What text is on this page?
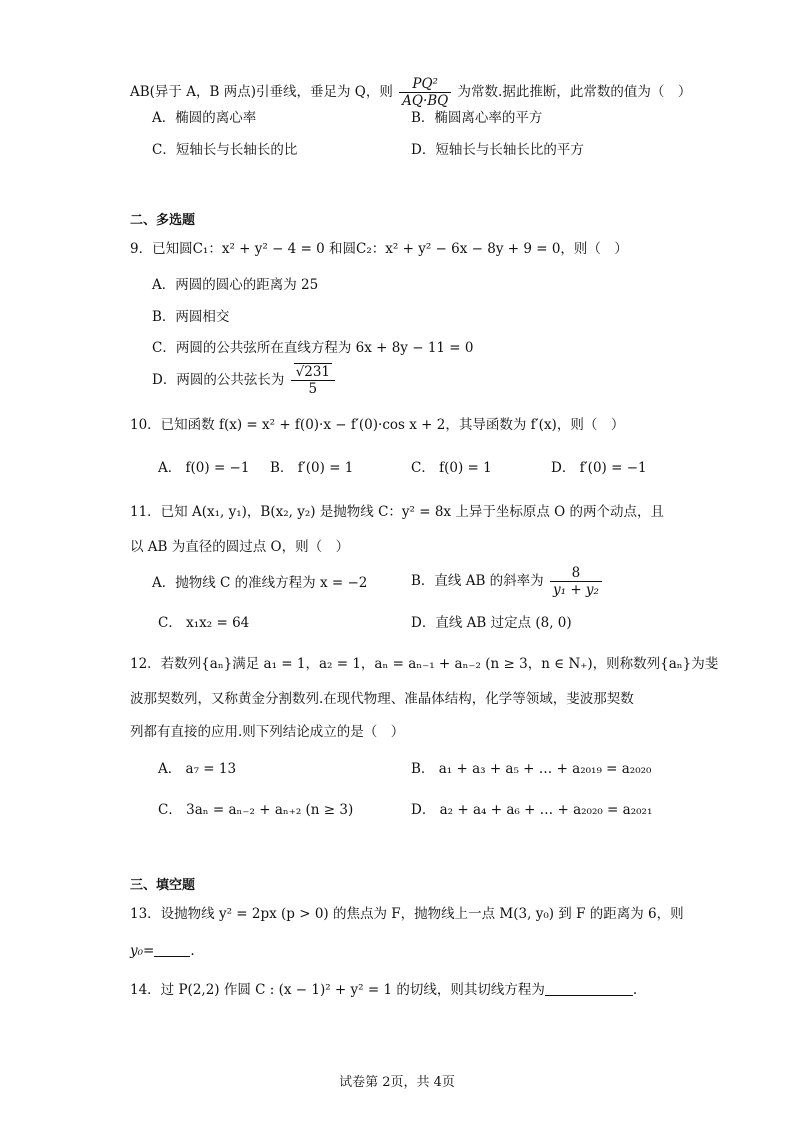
AB(异于 A，B 两点)引垂线，垂足为 Q，则 $\frac{\text{PQ²}}{AQ\cdot BQ}$ 为常数.据此推断，此常数的值为（　）
A．椭圆的离心率	B．椭圆离心率的平方
C．短轴长与长轴长的比	D．短轴长与长轴长比的平方
二、多选题
9．已知圆C₁：x² + y² − 4 = 0 和圆C₂：x² + y² − 6x − 8y + 9 = 0，则（　）
A．两圆的圆心的距离为 25
B．两圆相交
C．两圆的公共弦所在直线方程为 6x + 8y − 11 = 0
D．两圆的公共弦长为 $\frac{√231}{5}$
10．已知函数 f(x) = x² + f(0)·x − f′(0)·cos x + 2，其导函数为 f′(x)，则（　）
A． f(0) = −1 B． f′(0) = 1	C． f(0) = 1	D． f′(0) = −1
11．已知 A(x₁, y₁)，B(x₂, y₂) 是抛物线 C：y² = 8x 上异于坐标原点 O 的两个动点，且
以 AB 为直径的圆过点 O，则（　）
A．抛物线 C 的准线方程为 x = −2	B．直线 AB 的斜率为 $\frac{8}{\text{y₁ + y₂}}$
C． x₁x₂ = 64	D．直线 AB 过定点 (8, 0)
12．若数列{aₙ}满足 a₁ = 1，a₂ = 1，aₙ = aₙ₋₁ + aₙ₋₂ (n ≥ 3，n ∈ N₊)，则称数列{aₙ}为斐
波那契数列，又称黄金分割数列.在现代物理、准晶体结构，化学等领域，斐波那契数
列都有直接的应用.则下列结论成立的是（　）
A． a₇ = 13	B． a₁ + a₃ + a₅ + … + a₂₀₁₉ = a₂₀₂₀
C． 3aₙ = aₙ₋₂ + aₙ₊₂ (n ≥ 3)	D． a₂ + a₄ + a₆ + … + a₂₀₂₀ = a₂₀₂₁
三、填空题
13．设抛物线 y² = 2px (p > 0) 的焦点为 F，抛物线上一点 M(3, y₀) 到 F 的距离为 6，则
y₀=	.
14．过 P(2,2) 作圆 C : (x − 1)² + y² = 1 的切线，则其切线方程为	.
试卷第 2页，共 4页
